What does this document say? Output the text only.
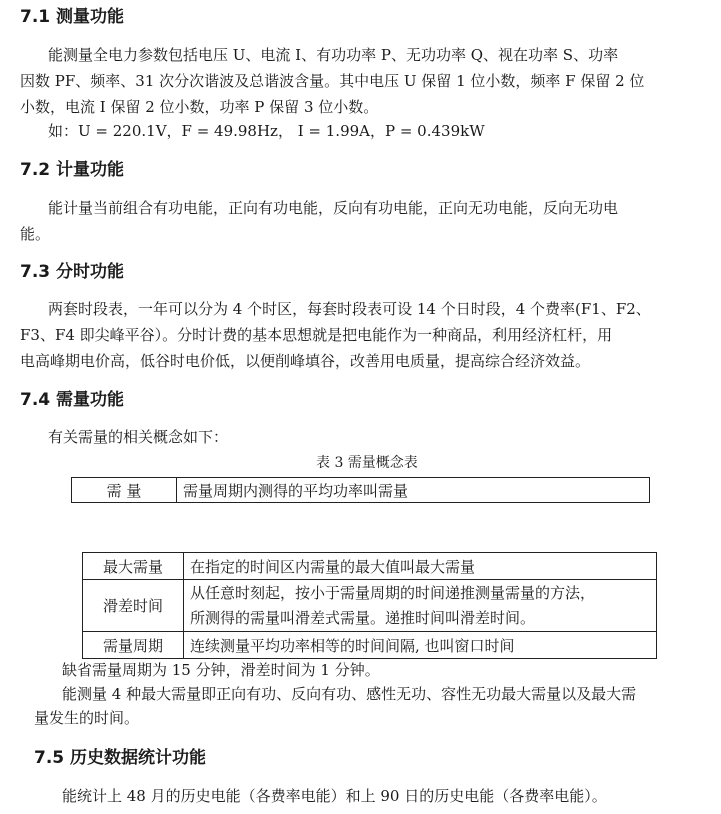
7.1 测量功能
能测量全电力参数包括电压 U、电流 I、有功功率 P、无功功率 Q、视在功率 S、功率
因数 PF、频率、31 次分次谐波及总谐波含量。其中电压 U 保留 1 位小数，频率 F 保留 2 位
小数，电流 I 保留 2 位小数，功率 P 保留 3 位小数。
如：U = 220.1V，F = 49.98Hz， I = 1.99A，P = 0.439kW
7.2 计量功能
能计量当前组合有功电能，正向有功电能，反向有功电能，正向无功电能，反向无功电
能。
7.3 分时功能
两套时段表，一年可以分为 4 个时区，每套时段表可设 14 个日时段，4 个费率(F1、F2、
F3、F4 即尖峰平谷）。分时计费的基本思想就是把电能作为一种商品，利用经济杠杆，用
电高峰期电价高，低谷时电价低，以便削峰填谷，改善用电质量，提高综合经济效益。
7.4 需量功能
有关需量的相关概念如下：
表 3 需量概念表
需 量	需量周期内测得的平均功率叫需量
最大需量	在指定的时间区内需量的最大值叫最大需量
滑差时间	从任意时刻起，按小于需量周期的时间递推测量需量的方法，
所测得的需量叫滑差式需量。递推时间叫滑差时间。

需量周期	连续测量平均功率相等的时间间隔, 也叫窗口时间
缺省需量周期为 15 分钟，滑差时间为 1 分钟。
能测量 4 种最大需量即正向有功、反向有功、感性无功、容性无功最大需量以及最大需
量发生的时间。
7.5 历史数据统计功能
能统计上 48 月的历史电能（各费率电能）和上 90 日的历史电能（各费率电能）。
